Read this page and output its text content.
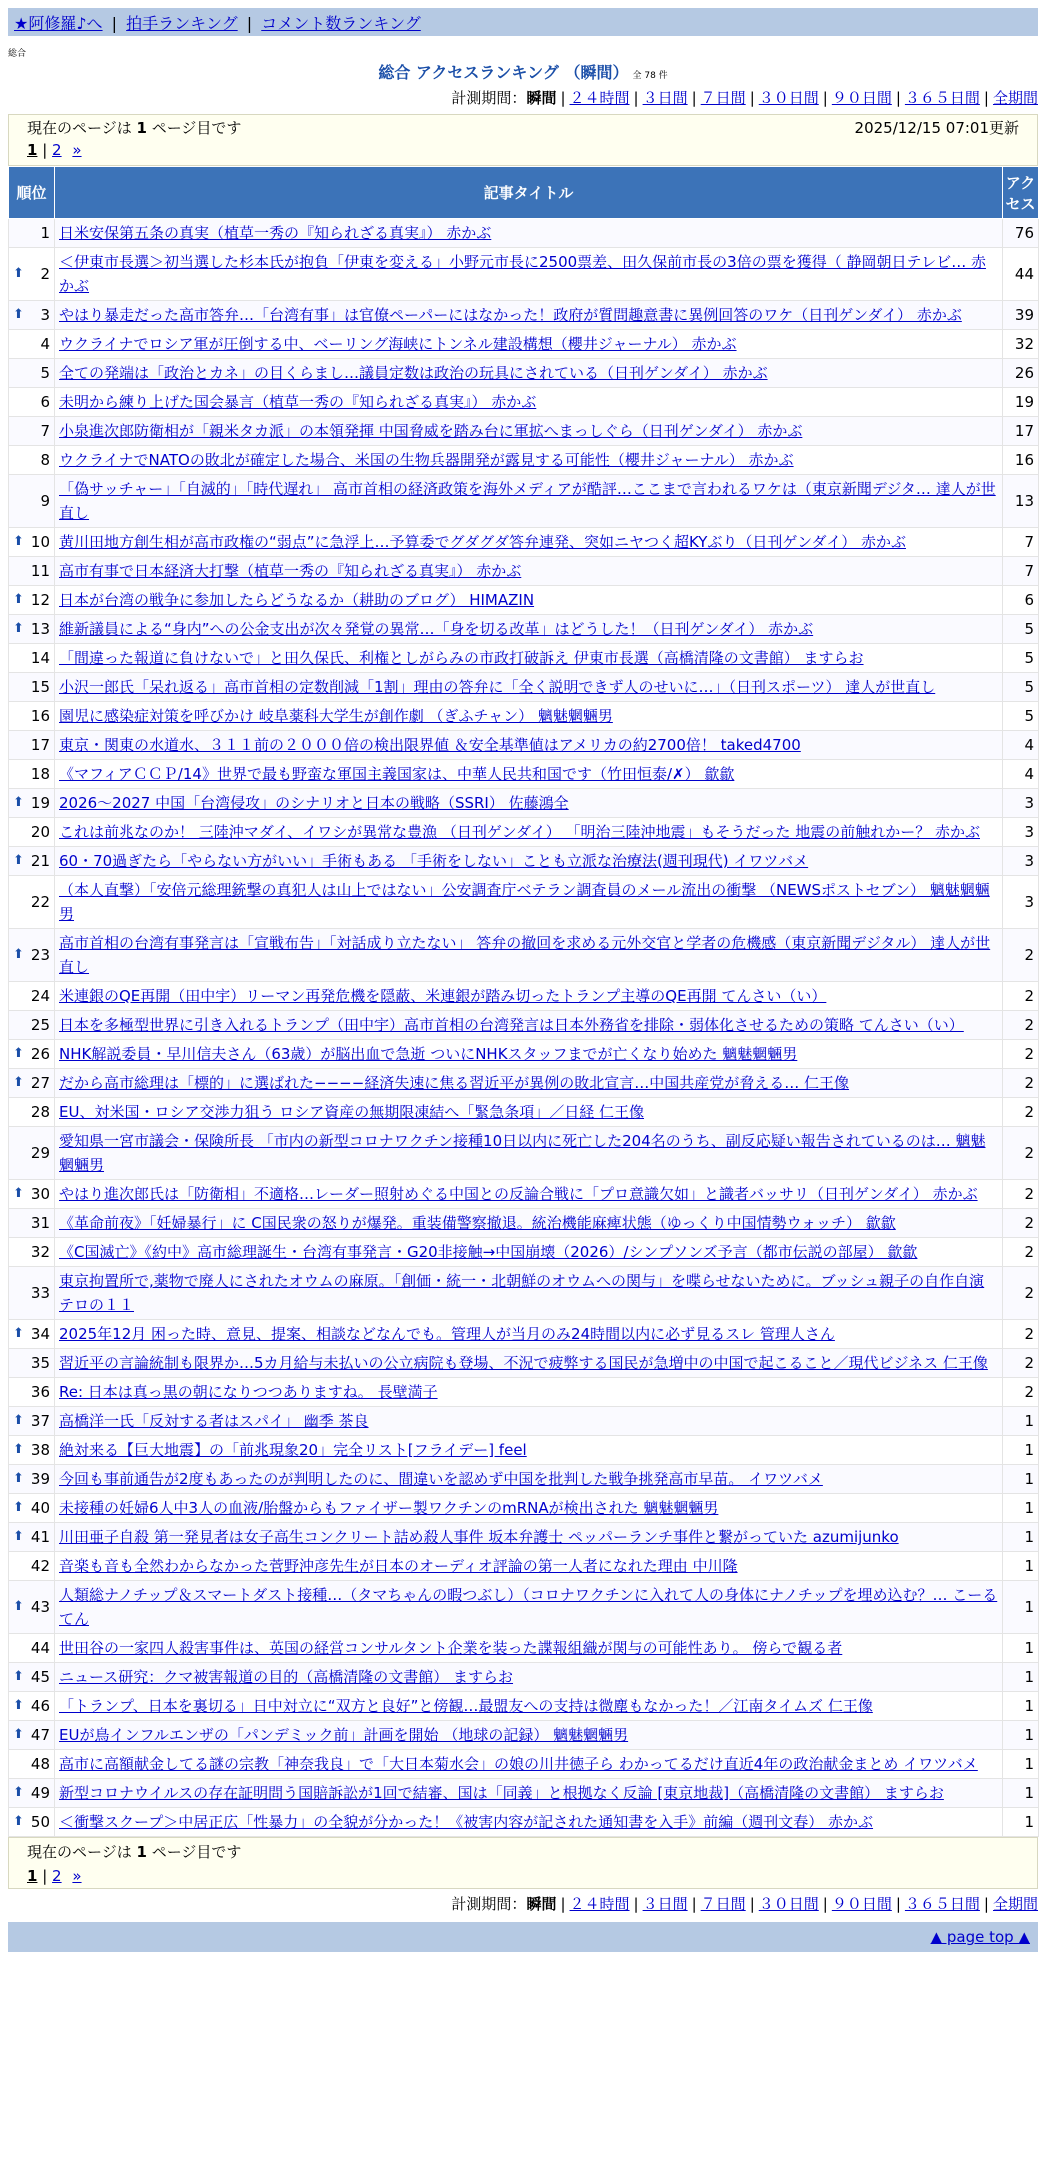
★阿修羅♪へ | 拍手ランキング | コメント数ランキング
総合
総合 アクセスランキング （瞬間） 全 78 件
計測期間：瞬間 | ２４時間 | ３日間 | ７日間 | ３０日間 | ９０日間 | ３６５日間 | 全期間
現在のページは 1 ページ目です	2025/12/15 07:01更新
1 | 2 »
順位	記事タイトル	アクセス
1	日米安保第五条の真実（植草一秀の『知られざる真実』） 赤かぶ	76

⬆ 2	＜伊東市長選＞初当選した杉本氏が抱負「伊東を変える」小野元市長に2500票差、田久保前市長の3倍の票を獲得（ 静岡朝日テレビ… 赤かぶ	44

⬆ 3	やはり暴走だった高市答弁…「台湾有事」は官僚ペーパーにはなかった！政府が質問趣意書に異例回答のワケ（日刊ゲンダイ） 赤かぶ	39
4	ウクライナでロシア軍が圧倒する中、ベーリング海峡にトンネル建設構想（櫻井ジャーナル） 赤かぶ	32
5	全ての発端は「政治とカネ」の目くらまし…議員定数は政治の玩具にされている（日刊ゲンダイ） 赤かぶ	26
6	未明から練り上げた国会暴言（植草一秀の『知られざる真実』） 赤かぶ	19
7	小泉進次郎防衛相が「親米タカ派」の本領発揮 中国脅威を踏み台に軍拡へまっしぐら（日刊ゲンダイ） 赤かぶ	17
8	ウクライナでNATOの敗北が確定した場合、米国の生物兵器開発が露見する可能性（櫻井ジャーナル） 赤かぶ	16
9	「偽サッチャー」「自滅的」「時代遅れ」 高市首相の経済政策を海外メディアが酷評…ここまで言われるワケは（東京新聞デジタ… 達人が世直し	13

⬆ 10	黄川田地方創生相が高市政権の“弱点”に急浮上…予算委でグダグダ答弁連発、突如ニヤつく超KYぶり（日刊ゲンダイ） 赤かぶ	7
11	高市有事で日本経済大打撃（植草一秀の『知られざる真実』） 赤かぶ	7

⬆ 12	日本が台湾の戦争に参加したらどうなるか（耕助のブログ） HIMAZIN	6

⬆ 13	維新議員による“身内”への公金支出が次々発覚の異常…「身を切る改革」はどうした！（日刊ゲンダイ） 赤かぶ	5
14	「間違った報道に負けないで」と田久保氏、利権としがらみの市政打破訴え 伊東市長選（高橋清隆の文書館） ますらお	5
15	小沢一郎氏「呆れ返る」高市首相の定数削減「1割」理由の答弁に「全く説明できず人のせいに…」（日刊スポーツ） 達人が世直し	5
16	園児に感染症対策を呼びかけ 岐阜薬科大学生が創作劇 （ぎふチャン） 魑魅魍魎男	5
17	東京・関東の水道水、３１１前の２０００倍の検出限界値 ＆安全基準値はアメリカの約2700倍！ taked4700	4
18	《マフィアＣＣＰ/14》世界で最も野蛮な軍国主義国家は、中華人民共和国です（竹田恒泰/✗） 歙歙	4

⬆ 19	2026～2027 中国「台湾侵攻」のシナリオと日本の戦略（SSRI） 佐藤鴻全	3
20	これは前兆なのか！ 三陸沖マダイ、イワシが異常な豊漁 （日刊ゲンダイ） 「明治三陸沖地震」もそうだった 地震の前触れかー？ 赤かぶ	3

⬆ 21	60・70過ぎたら「やらない方がいい」手術もある 「手術をしない」ことも立派な治療法(週刊現代) イワツバメ	3
22	（本人直撃）「安倍元総理銃撃の真犯人は山上ではない」公安調査庁ベテラン調査員のメール流出の衝撃 （NEWSポストセブン） 魑魅魍魎男	3

⬆ 23	高市首相の台湾有事発言は「宣戦布告」「対話成り立たない」 答弁の撤回を求める元外交官と学者の危機感（東京新聞デジタル） 達人が世直し	2
24	米連銀のQE再開（田中宇）リーマン再発危機を隠蔽、米連銀が踏み切ったトランプ主導のQE再開 てんさい（い）	2
25	日本を多極型世界に引き入れるトランプ（田中宇）高市首相の台湾発言は日本外務省を排除・弱体化させるための策略 てんさい（い）	2

⬆ 26	NHK解説委員・早川信夫さん（63歳）が脳出血で急逝 ついにNHKスタッフまでが亡くなり始めた 魑魅魍魎男	2

⬆ 27	だから高市総理は「標的」に選ばれた−−−−経済失速に焦る習近平が異例の敗北宣言…中国共産党が脅える… 仁王像	2
28	EU、対米国・ロシア交渉力狙う ロシア資産の無期限凍結へ「緊急条項」／日経 仁王像	2
29	愛知県一宮市議会・保険所長 「市内の新型コロナワクチン接種10日以内に死亡した204名のうち、副反応疑い報告されているのは… 魑魅魍魎男	2

⬆ 30	やはり進次郎氏は「防衛相」不適格…レーダー照射めぐる中国との反論合戦に「プロ意識欠如」と識者バッサリ（日刊ゲンダイ） 赤かぶ	2
31	《革命前夜》「妊婦暴行」に C国民衆の怒りが爆発。重装備警察撤退。統治機能麻痺状態（ゆっくり中国情勢ウォッチ） 歙歙	2
32	《C国滅亡》《約中》高市総理誕生・台湾有事発言・G20非接触→中国崩壊（2026）/シンプソンズ予言（都市伝説の部屋） 歙歙	2
33	東京拘置所で,薬物で廃人にされたオウムの麻原。「創価・統一・北朝鮮のオウムへの関与」を喋らせないために。ブッシュ親子の自作自演テロの１１	2

⬆ 34	2025年12月 困った時、意見、提案、相談などなんでも。管理人が当月のみ24時間以内に必ず見るスレ 管理人さん	2
35	習近平の言論統制も限界か…5カ月給与未払いの公立病院も登場、不況で疲弊する国民が急増中の中国で起こること／現代ビジネス 仁王像	2
36	Re: 日本は真っ黒の朝になりつつありますね。 長壁満子	2

⬆ 37	高橋洋一氏「反対する者はスパイ」 幽季 茶良	1

⬆ 38	絶対来る【巨大地震】の「前兆現象20」完全リスト[フライデー] feel	1

⬆ 39	今回も事前通告が2度もあったのが判明したのに、間違いを認めず中国を批判した戦争挑発高市早苗。 イワツバメ	1

⬆ 40	未接種の妊婦6人中3人の血液/胎盤からもファイザー製ワクチンのmRNAが検出された 魑魅魍魎男	1

⬆ 41	川田亜子自殺 第一発見者は女子高生コンクリート詰め殺人事件 坂本弁護士 ペッパーランチ事件と繋がっていた azumijunko	1
42	音楽も音も全然わからなかった菅野沖彦先生が日本のオーディオ評論の第一人者になれた理由 中川隆	1

⬆ 43	人類総ナノチップ＆スマートダスト接種…（タマちゃんの暇つぶし）（コロナワクチンに入れて人の身体にナノチップを埋め込む？… こーるてん	1
44	世田谷の一家四人殺害事件は、英国の経営コンサルタント企業を装った諜報組織が関与の可能性あり。 傍らで観る者	1

⬆ 45	ニュース研究：クマ被害報道の目的（高橋清隆の文書館） ますらお	1

⬆ 46	「トランプ、日本を裏切る」日中対立に“双方と良好”と傍観…最盟友への支持は微塵もなかった！／江南タイムズ 仁王像	1

⬆ 47	EUが鳥インフルエンザの「パンデミック前」計画を開始 （地球の記録） 魑魅魍魎男	1
48	高市に高額献金してる謎の宗教「神奈我良」で「大日本菊水会」の娘の川井徳子ら わかってるだけ直近4年の政治献金まとめ イワツバメ	1

⬆ 49	新型コロナウイルスの存在証明問う国賠訴訟が1回で結審、国は「同義」と根拠なく反論 [東京地裁]（高橋清隆の文書館） ますらお	1

⬆ 50	＜衝撃スクープ＞中居正広「性暴力」の全貌が分かった！《被害内容が記された通知書を入手》前編（週刊文春） 赤かぶ	1
現在のページは 1 ページ目です
1 | 2 »
計測期間：瞬間 | ２４時間 | ３日間 | ７日間 | ３０日間 | ９０日間 | ３６５日間 | 全期間
▲ page top ▲
